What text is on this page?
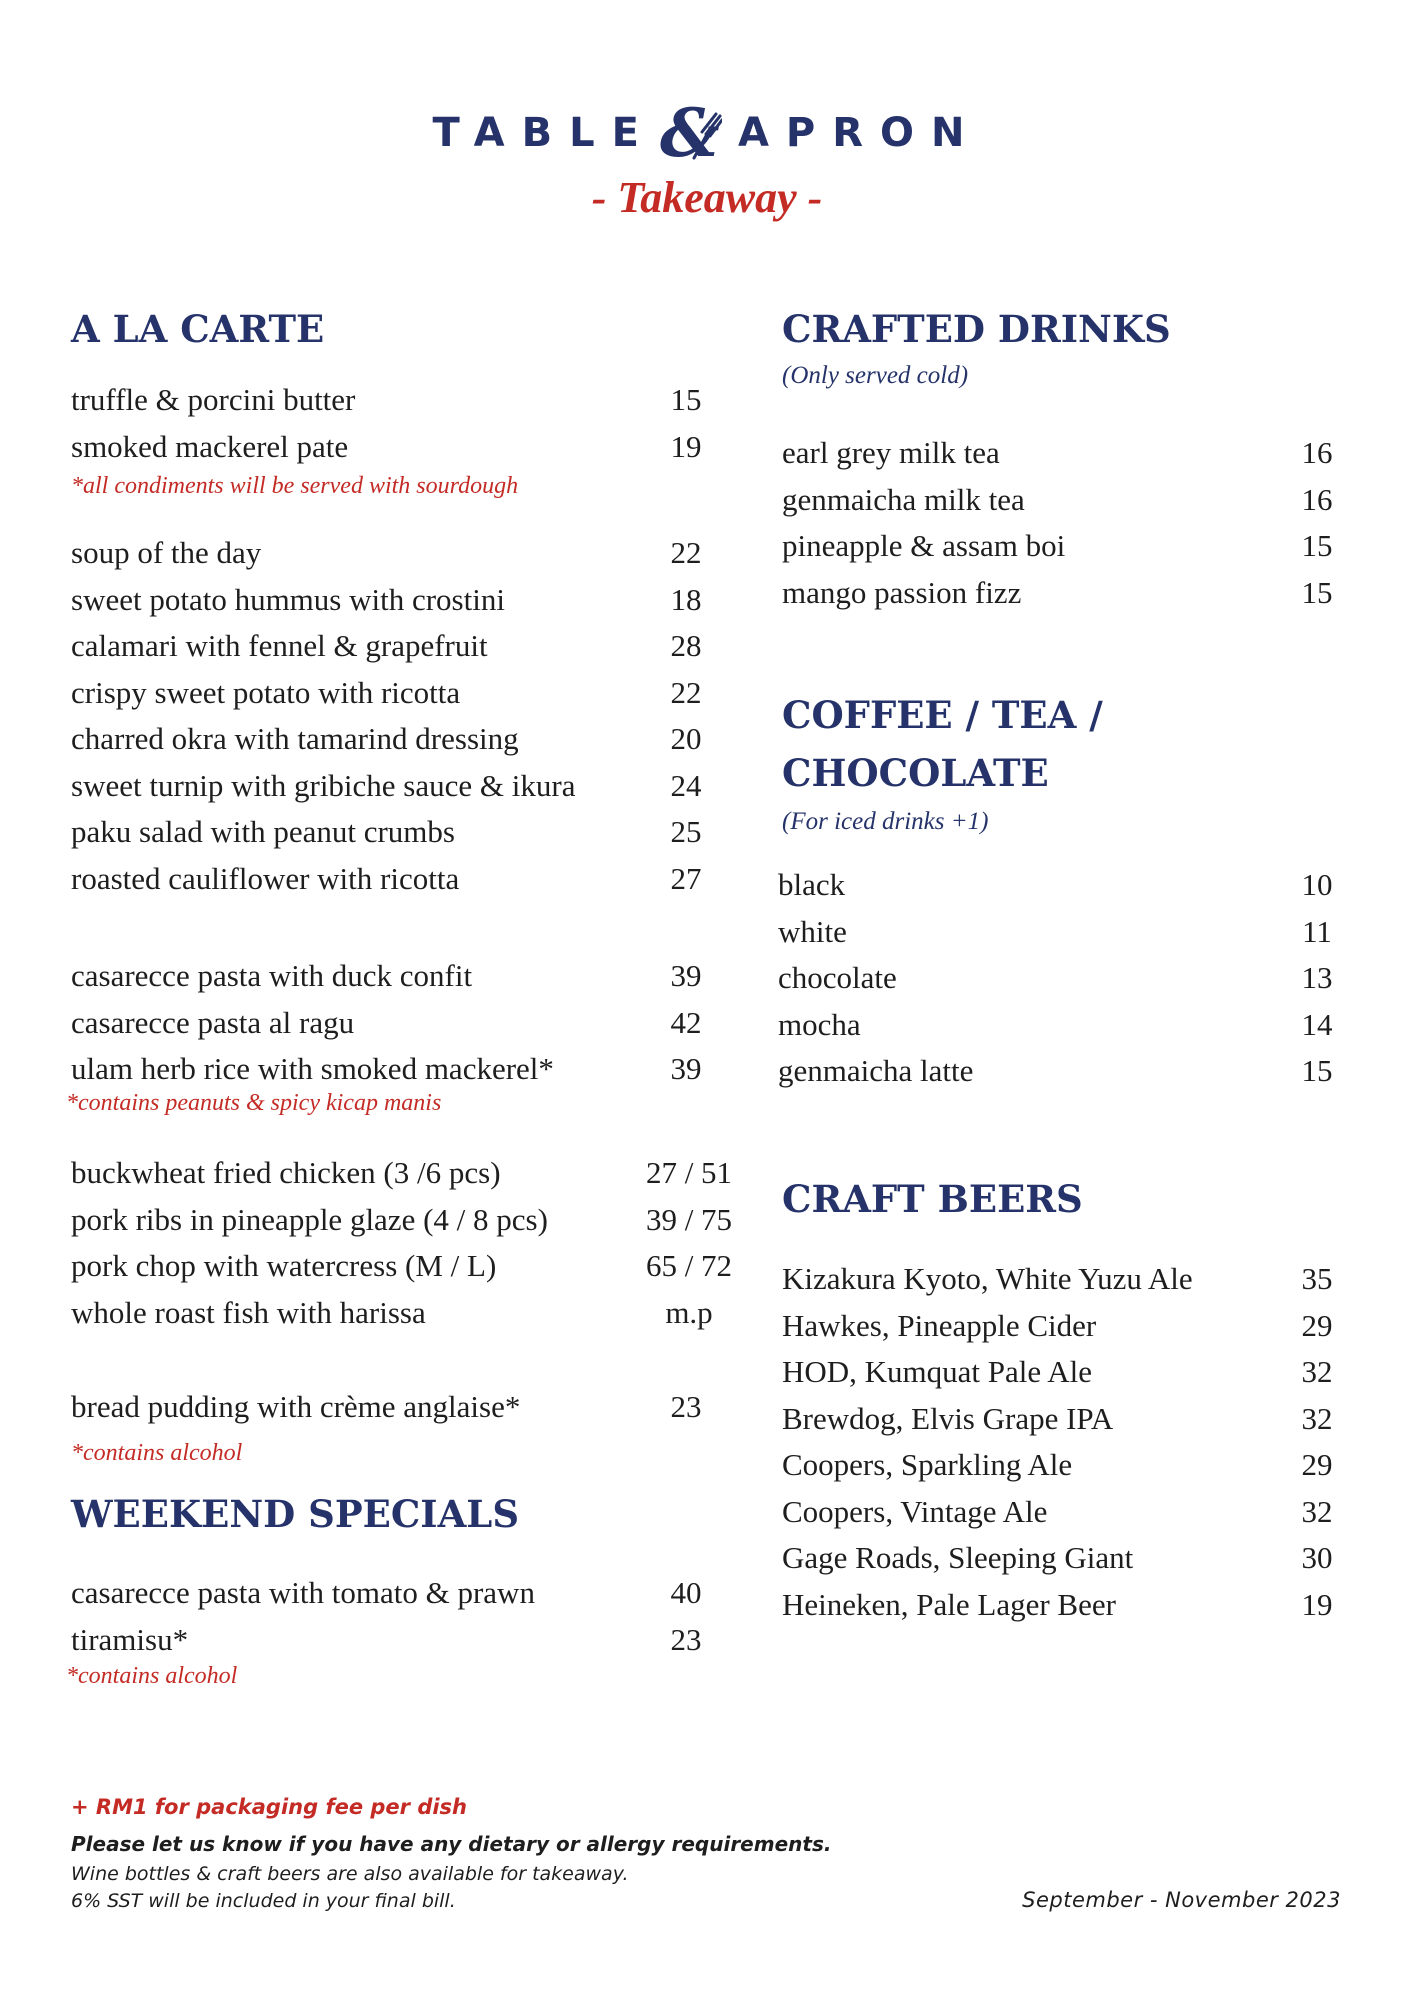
TABLE & APRON
- Takeaway -
A LA CARTE
truffle & porcini butter	15
smoked mackerel pate	19
*all condiments will be served with sourdough
soup of the day	22
sweet potato hummus with crostini	18
calamari with fennel & grapefruit	28
crispy sweet potato with ricotta	22
charred okra with tamarind dressing	20
sweet turnip with gribiche sauce & ikura	24
paku salad with peanut crumbs	25
roasted cauliflower with ricotta	27
casarecce pasta with duck confit	39
casarecce pasta al ragu	42
ulam herb rice with smoked mackerel*	39
*contains peanuts & spicy kicap manis
buckwheat fried chicken (3 /6 pcs)	27 / 51
pork ribs in pineapple glaze (4 / 8 pcs)	39 / 75
pork chop with watercress (M / L)	65 / 72
whole roast fish with harissa	m.p
bread pudding with crème anglaise*	23
*contains alcohol
WEEKEND SPECIALS
casarecce pasta with tomato & prawn	40
tiramisu*	23
*contains alcohol
CRAFTED DRINKS
(Only served cold)
earl grey milk tea	16
genmaicha milk tea	16
pineapple & assam boi	15
mango passion fizz	15
COFFEE / TEA /
CHOCOLATE
(For iced drinks +1)
black	10
white	11
chocolate	13
mocha	14
genmaicha latte	15
CRAFT BEERS
Kizakura Kyoto, White Yuzu Ale	35
Hawkes, Pineapple Cider	29
HOD, Kumquat Pale Ale	32
Brewdog, Elvis Grape IPA	32
Coopers, Sparkling Ale	29
Coopers, Vintage Ale	32
Gage Roads, Sleeping Giant	30
Heineken, Pale Lager Beer	19
+ RM1 for packaging fee per dish
Please let us know if you have any dietary or allergy requirements.
Wine bottles & craft beers are also available for takeaway.
6% SST will be included in your final bill.	September - November 2023
